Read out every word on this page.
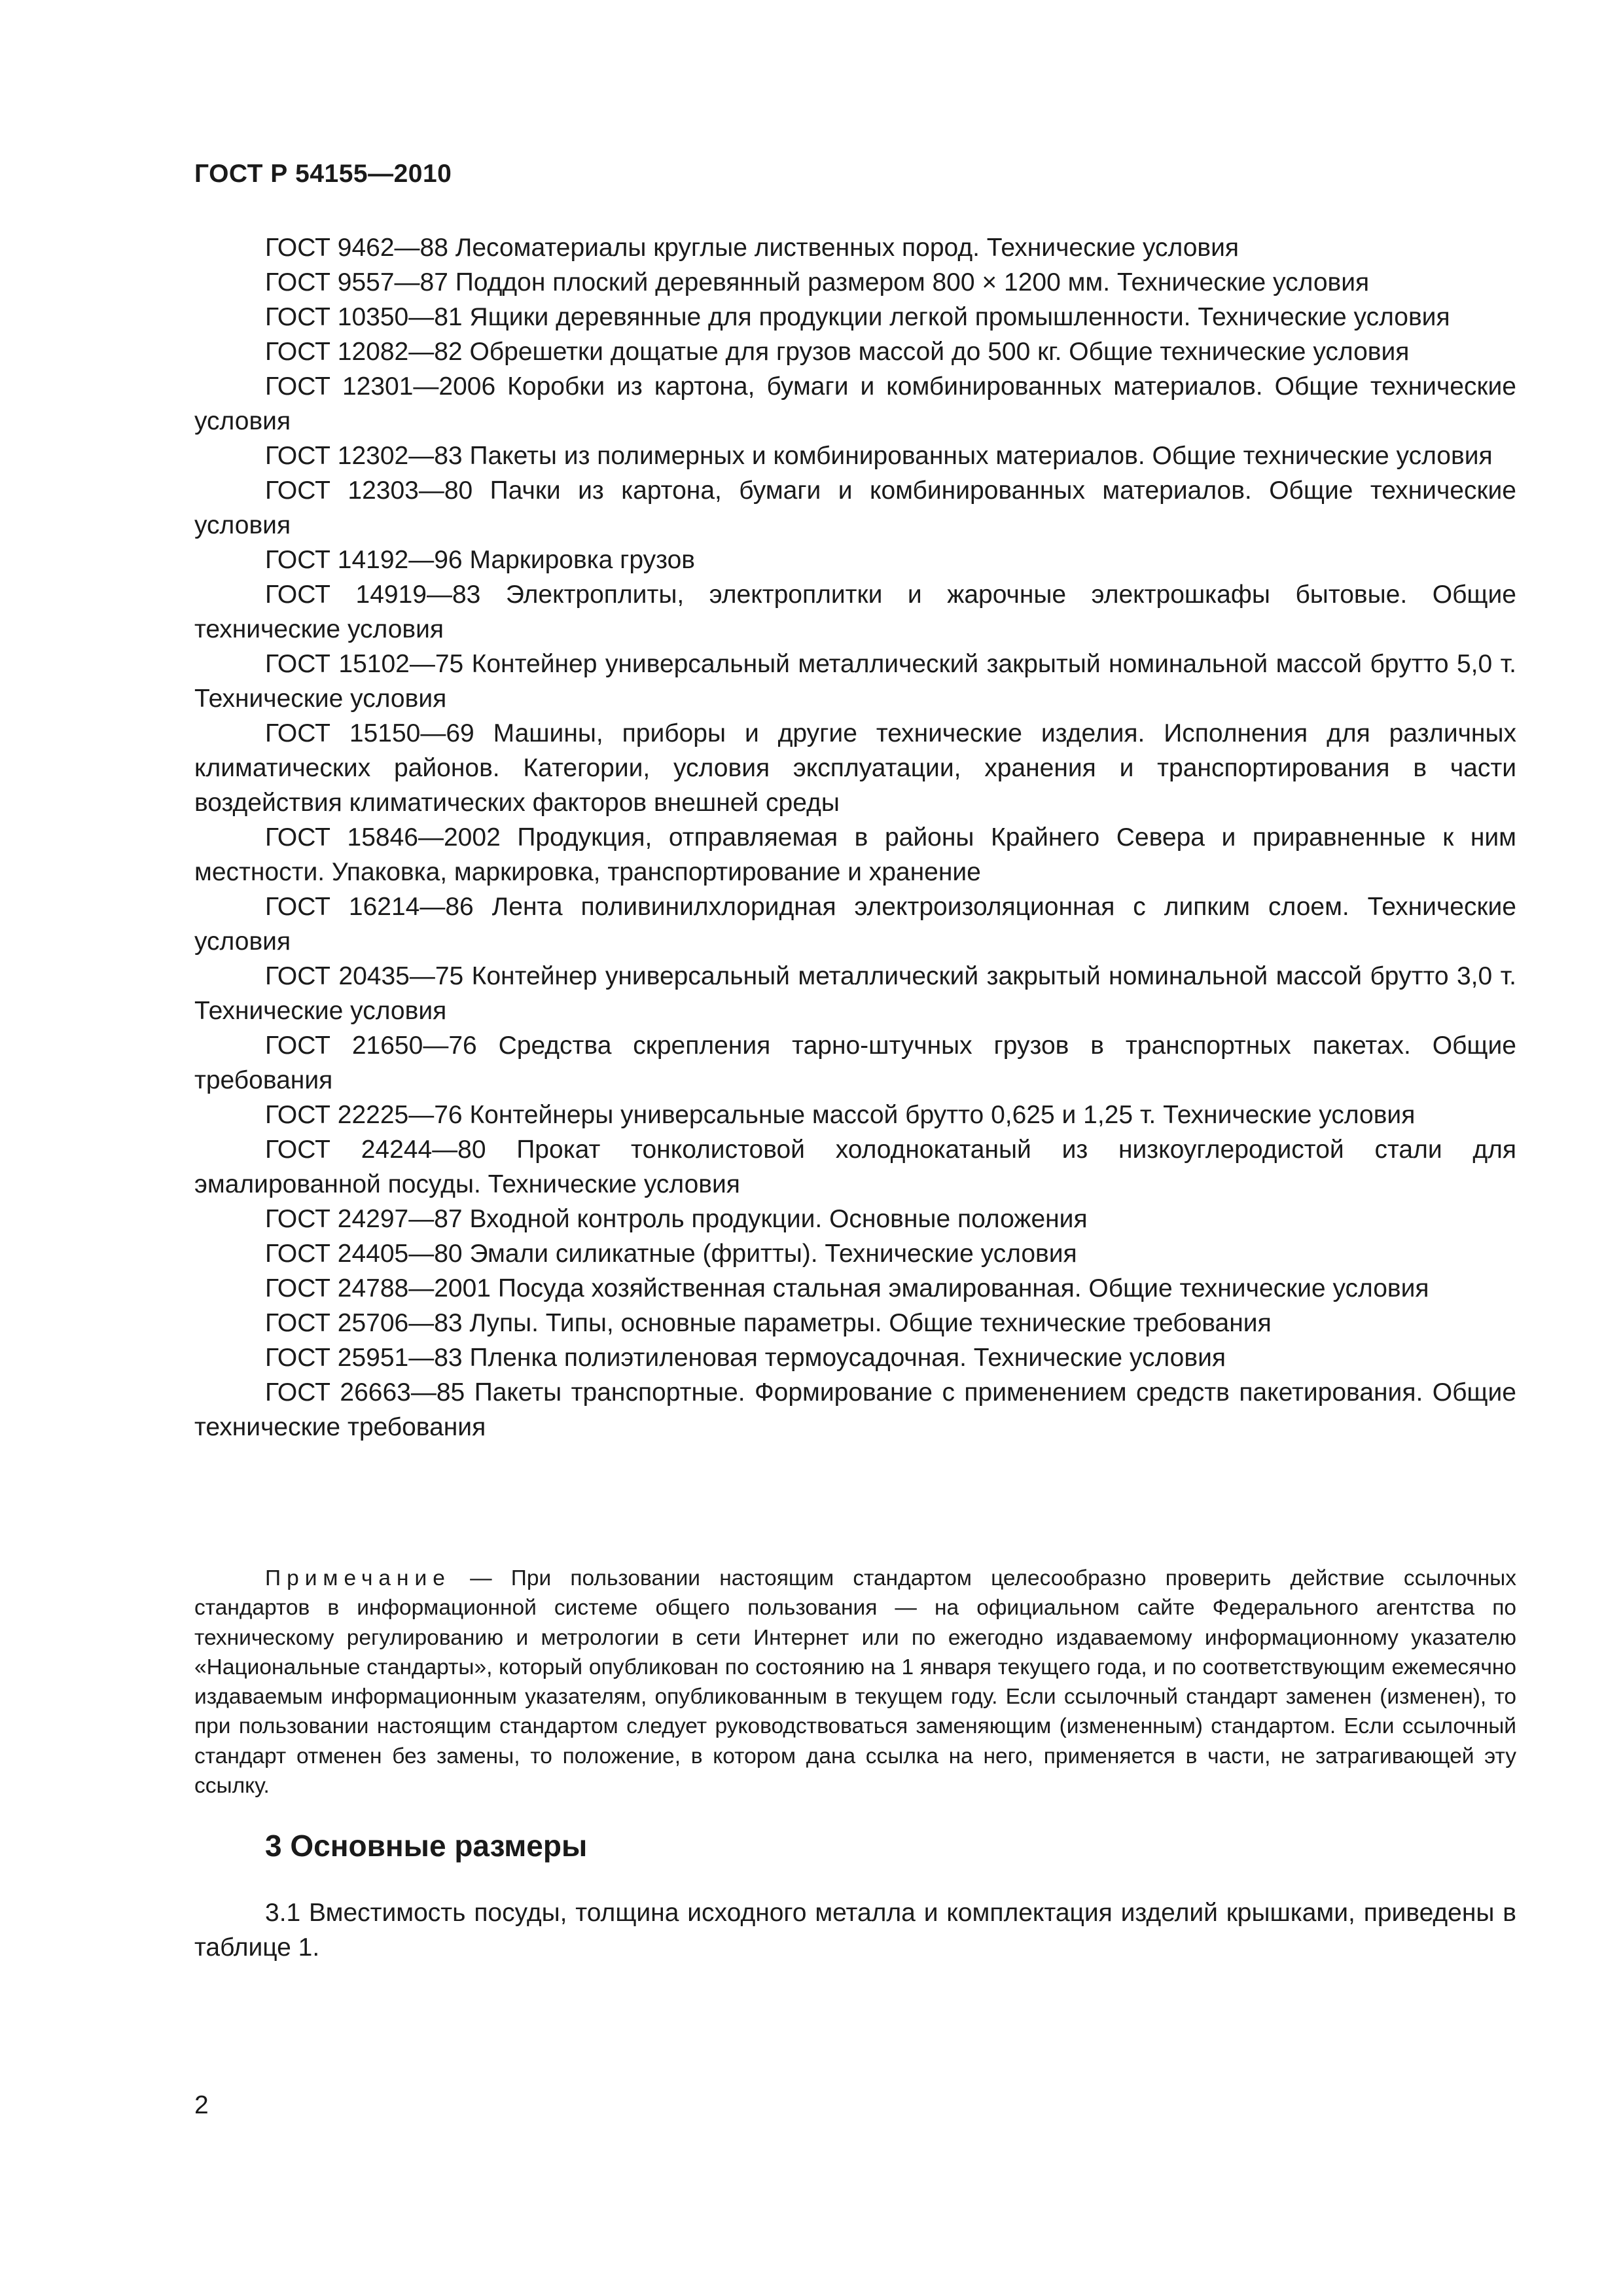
ГОСТ Р 54155—2010

ГОСТ 9462—88 Лесоматериалы круглые лиственных пород. Технические условия

ГОСТ 9557—87 Поддон плоский деревянный размером 800 × 1200 мм. Технические условия

ГОСТ 10350—81 Ящики деревянные для продукции легкой промышленности. Технические условия

ГОСТ 12082—82 Обрешетки дощатые для грузов массой до 500 кг. Общие технические условия

ГОСТ 12301—2006 Коробки из картона, бумаги и комбинированных материалов. Общие технические условия

ГОСТ 12302—83 Пакеты из полимерных и комбинированных материалов. Общие технические условия

ГОСТ 12303—80 Пачки из картона, бумаги и комбинированных материалов. Общие технические условия

ГОСТ 14192—96 Маркировка грузов

ГОСТ 14919—83 Электроплиты, электроплитки и жарочные электрошкафы бытовые. Общие технические условия

ГОСТ 15102—75 Контейнер универсальный металлический закрытый номинальной массой брутто 5,0 т. Технические условия

ГОСТ 15150—69 Машины, приборы и другие технические изделия. Исполнения для различных климатических районов. Категории, условия эксплуатации, хранения и транспортирования в части воздействия климатических факторов внешней среды

ГОСТ 15846—2002 Продукция, отправляемая в районы Крайнего Севера и приравненные к ним местности. Упаковка, маркировка, транспортирование и хранение

ГОСТ 16214—86 Лента поливинилхлоридная электроизоляционная с липким слоем. Технические условия

ГОСТ 20435—75 Контейнер универсальный металлический закрытый номинальной массой брутто 3,0 т. Технические условия

ГОСТ 21650—76 Средства скрепления тарно-штучных грузов в транспортных пакетах. Общие требования

ГОСТ 22225—76 Контейнеры универсальные массой брутто 0,625 и 1,25 т. Технические условия

ГОСТ 24244—80 Прокат тонколистовой холоднокатаный из низкоуглеродистой стали для эмалированной посуды. Технические условия

ГОСТ 24297—87 Входной контроль продукции. Основные положения

ГОСТ 24405—80 Эмали силикатные (фритты). Технические условия

ГОСТ 24788—2001 Посуда хозяйственная стальная эмалированная. Общие технические условия

ГОСТ 25706—83 Лупы. Типы, основные параметры. Общие технические требования

ГОСТ 25951—83 Пленка полиэтиленовая термоусадочная. Технические условия

ГОСТ 26663—85 Пакеты транспортные. Формирование с применением средств пакетирования. Общие технические требования

Примечание — При пользовании настоящим стандартом целесообразно проверить действие ссылочных стандартов в информационной системе общего пользования — на официальном сайте Федерального агентства по техническому регулированию и метрологии в сети Интернет или по ежегодно издаваемому информационному указателю «Национальные стандарты», который опубликован по состоянию на 1 января текущего года, и по соответствующим ежемесячно издаваемым информационным указателям, опубликованным в текущем году. Если ссылочный стандарт заменен (изменен), то при пользовании настоящим стандартом следует руководствоваться заменяющим (измененным) стандартом. Если ссылочный стандарт отменен без замены, то положение, в котором дана ссылка на него, применяется в части, не затрагивающей эту ссылку.

3 Основные размеры

3.1 Вместимость посуды, толщина исходного металла и комплектация изделий крышками, приведены в таблице 1.

2
